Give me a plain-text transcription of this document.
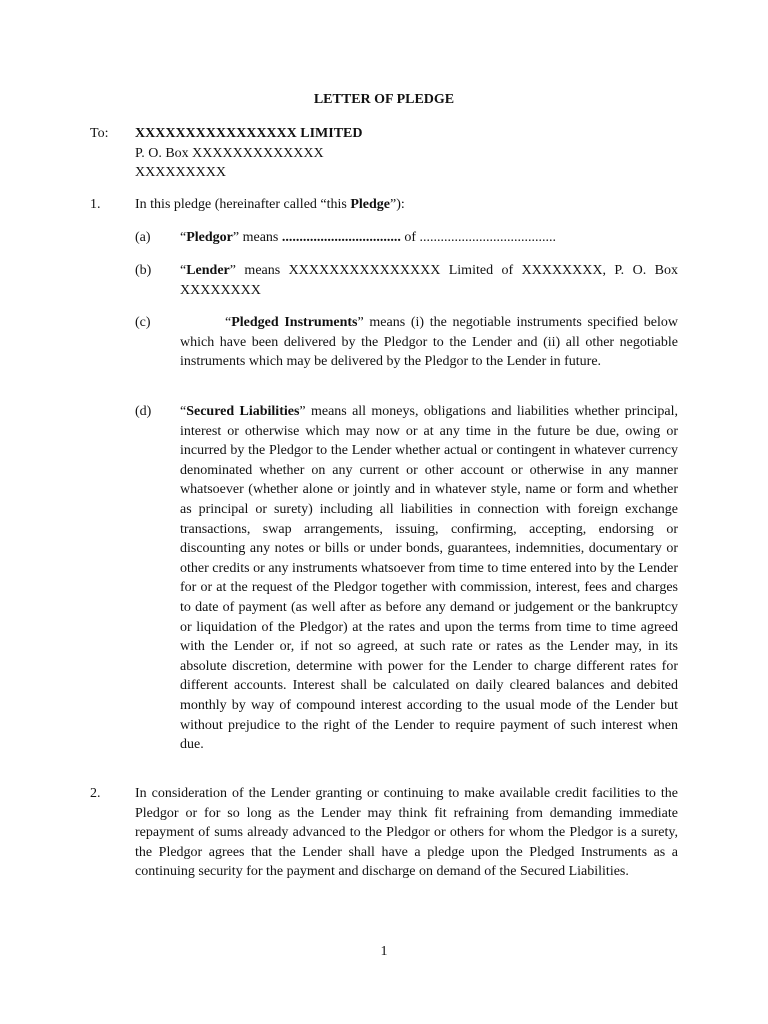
LETTER OF PLEDGE
To: XXXXXXXXXXXXXXXX LIMITED
P. O. Box XXXXXXXXXXXXX
XXXXXXXXX
1. In this pledge (hereinafter called “this Pledge”):
(a) “Pledgor” means .................................. of .......................................
(b) “Lender” means XXXXXXXXXXXXXXX Limited of XXXXXXXX, P. O. Box XXXXXXXX
(c)	“Pledged Instruments” means (i) the negotiable instruments specified below which have been delivered by the Pledgor to the Lender and (ii) all other negotiable instruments which may be delivered by the Pledgor to the Lender in future.
(d) “Secured Liabilities” means all moneys, obligations and liabilities whether principal, interest or otherwise which may now or at any time in the future be due, owing or incurred by the Pledgor to the Lender whether actual or contingent in whatever currency denominated whether on any current or other account or otherwise in any manner whatsoever (whether alone or jointly and in whatever style, name or form and whether as principal or surety) including all liabilities in connection with foreign exchange transactions, swap arrangements, issuing, confirming, accepting, endorsing or discounting any notes or bills or under bonds, guarantees, indemnities, documentary or other credits or any instruments whatsoever from time to time entered into by the Lender for or at the request of the Pledgor together with commission, interest, fees and charges to date of payment (as well after as before any demand or judgement or the bankruptcy or liquidation of the Pledgor) at the rates and upon the terms from time to time agreed with the Lender or, if not so agreed, at such rate or rates as the Lender may, in its absolute discretion, determine with power for the Lender to charge different rates for different accounts. Interest shall be calculated on daily cleared balances and debited monthly by way of compound interest according to the usual mode of the Lender but without prejudice to the right of the Lender to require payment of such interest when due.
2. In consideration of the Lender granting or continuing to make available credit facilities to the Pledgor or for so long as the Lender may think fit refraining from demanding immediate repayment of sums already advanced to the Pledgor or others for whom the Pledgor is a surety, the Pledgor agrees that the Lender shall have a pledge upon the Pledged Instruments as a continuing security for the payment and discharge on demand of the Secured Liabilities.
1
